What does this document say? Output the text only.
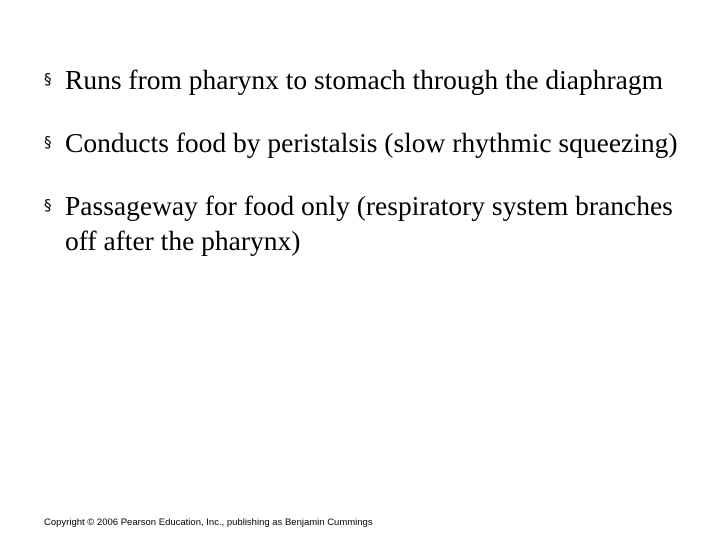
§ Runs from pharynx to stomach through the diaphragm
§ Conducts food by peristalsis (slow rhythmic squeezing)
§ Passageway for food only (respiratory system branches off after the pharynx)
Copyright © 2006 Pearson Education, Inc., publishing as Benjamin Cummings
